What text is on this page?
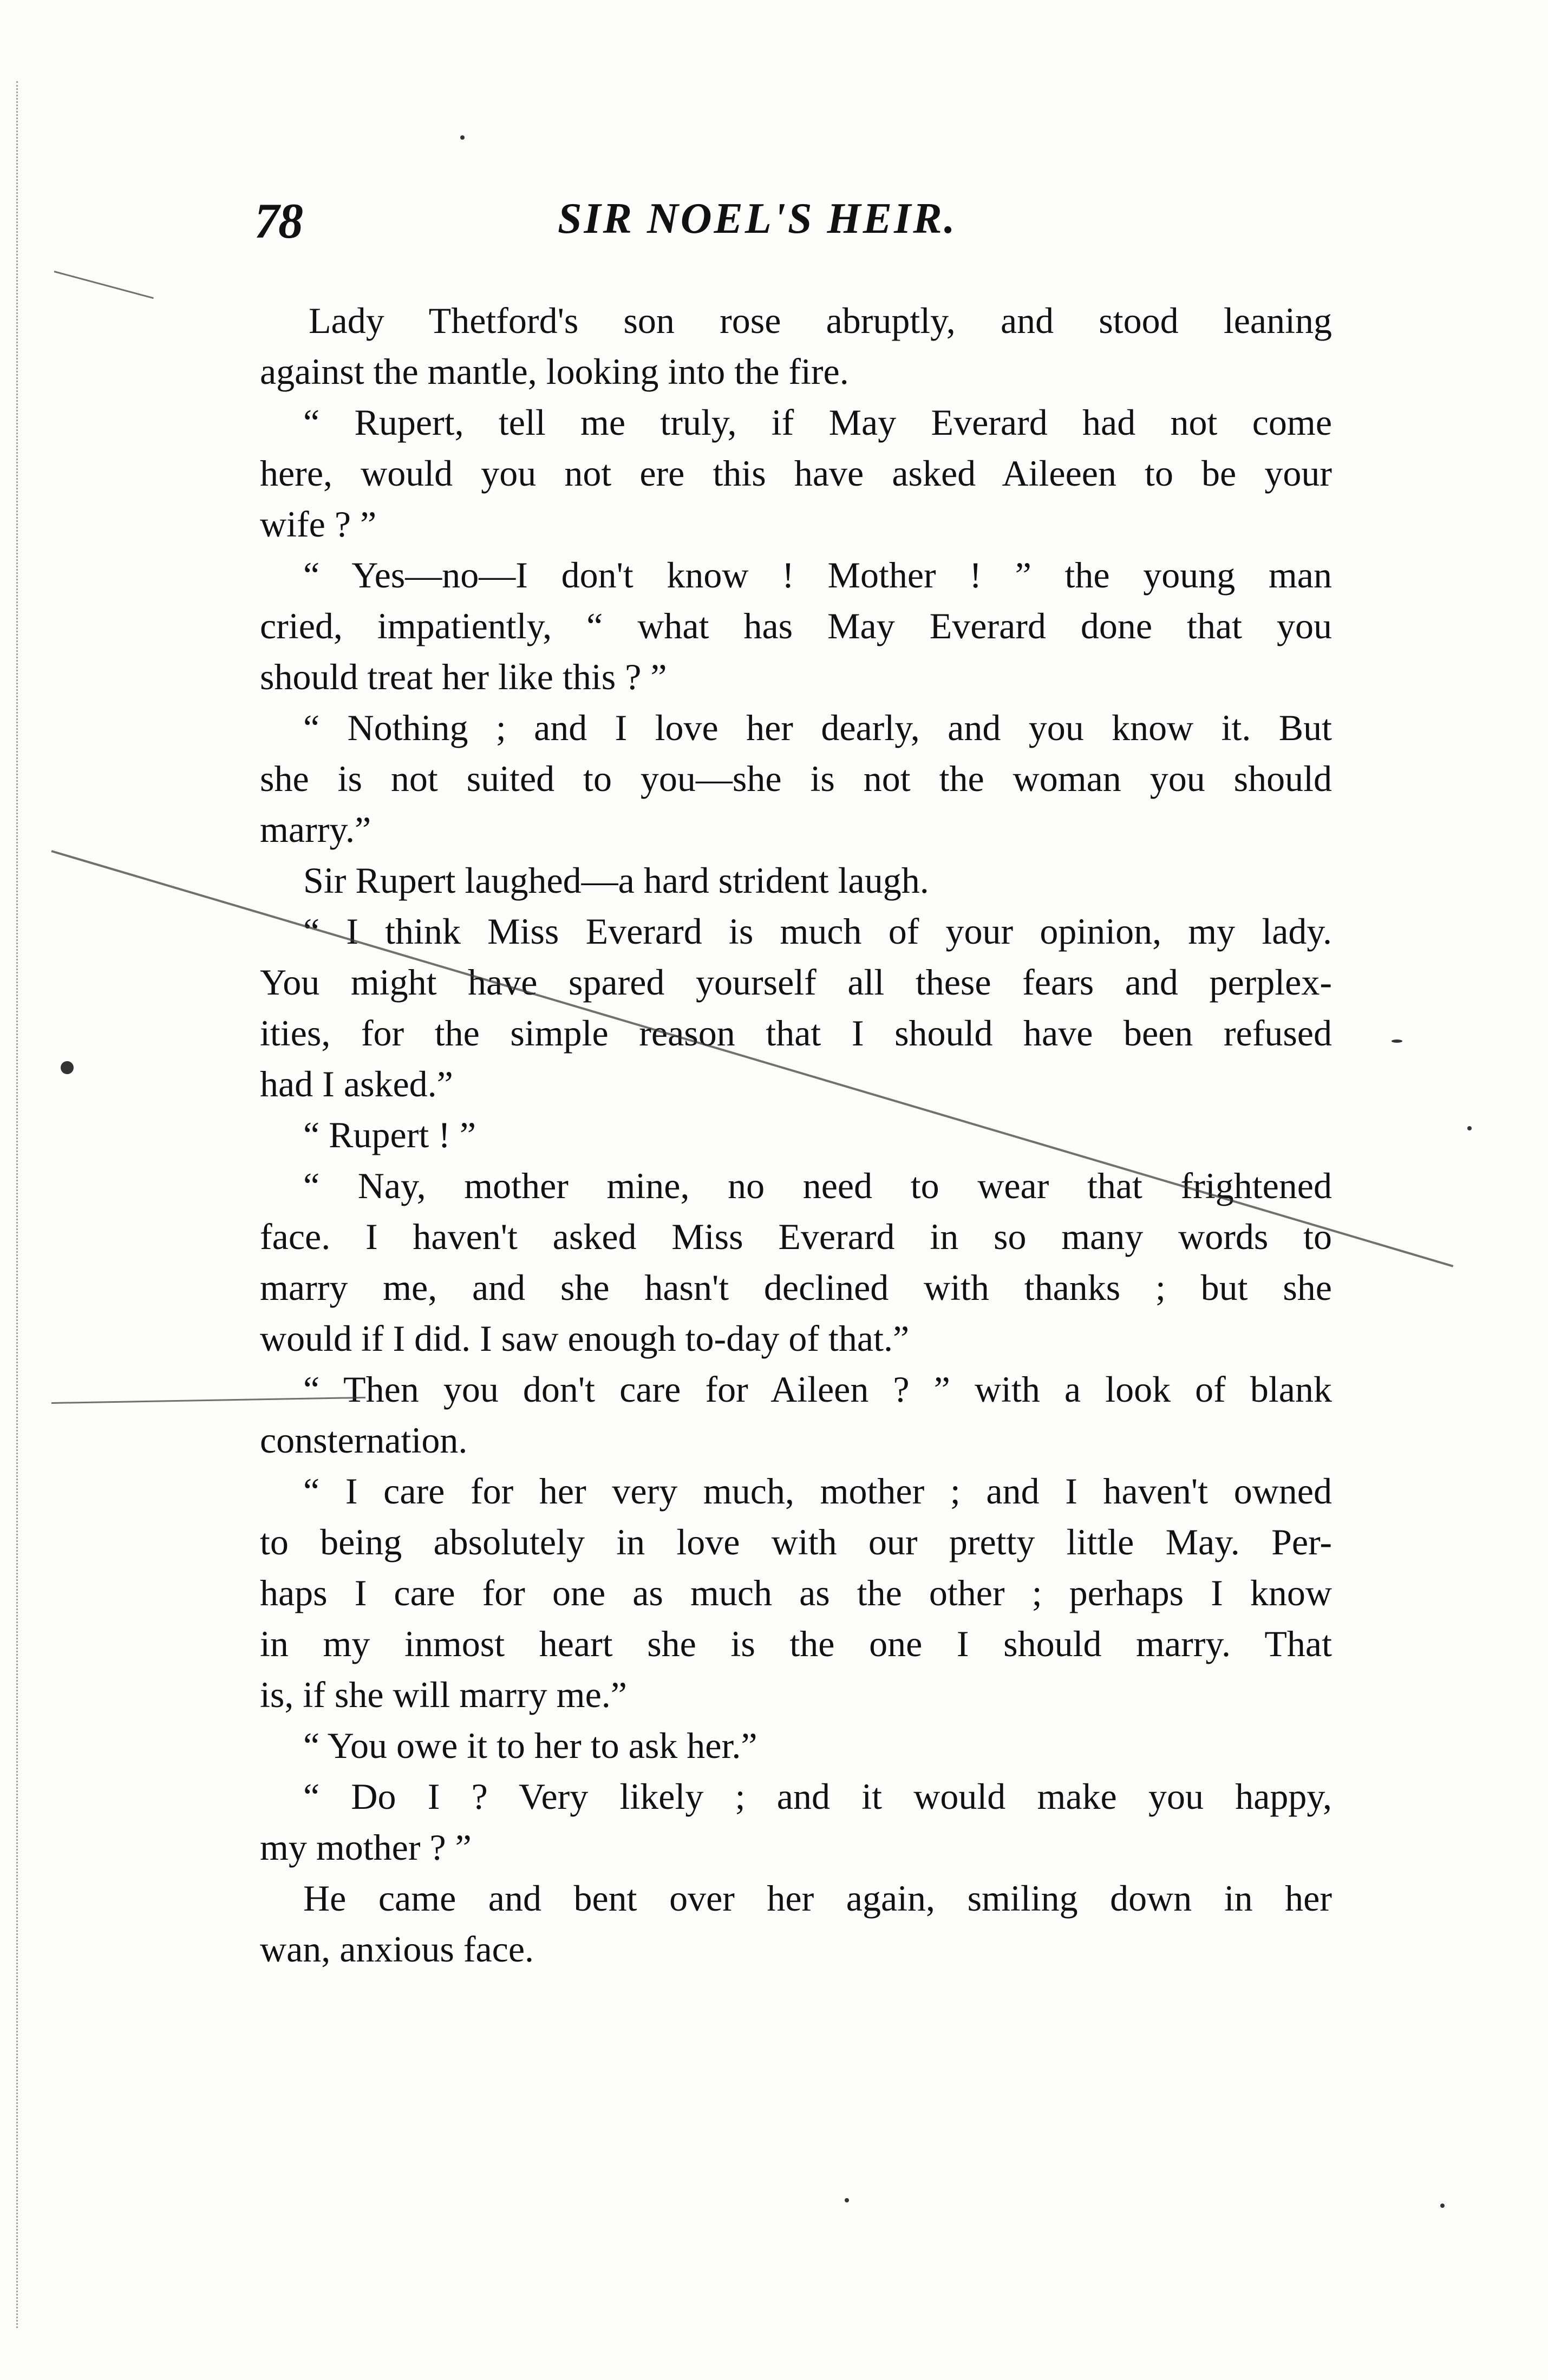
78	SIR NOEL'S HEIR.
Lady Thetford's son rose abruptly, and stood leaning
against the mantle, looking into the fire.
“ Rupert, tell me truly, if May Everard had not come
here, would you not ere this have asked Aileeen to be your
wife ? ”
“ Yes—no—I don't know ! Mother ! ” the young man
cried, impatiently, “ what has May Everard done that you
should treat her like this ? ”
“ Nothing ; and I love her dearly, and you know it. But
she is not suited to you—she is not the woman you should
marry.”
Sir Rupert laughed—a hard strident laugh.
“ I think Miss Everard is much of your opinion, my lady.
You might have spared yourself all these fears and perplex-
ities, for the simple reason that I should have been refused
had I asked.”
“ Rupert ! ”
“ Nay, mother mine, no need to wear that frightened
face. I haven't asked Miss Everard in so many words to
marry me, and she hasn't declined with thanks ; but she
would if I did. I saw enough to-day of that.”
“ Then you don't care for Aileen ? ” with a look of blank
consternation.
“ I care for her very much, mother ; and I haven't owned
to being absolutely in love with our pretty little May. Per-
haps I care for one as much as the other ; perhaps I know
in my inmost heart she is the one I should marry. That
is, if she will marry me.”
“ You owe it to her to ask her.”
“ Do I ? Very likely ; and it would make you happy,
my mother ? ”
He came and bent over her again, smiling down in her
wan, anxious face.
